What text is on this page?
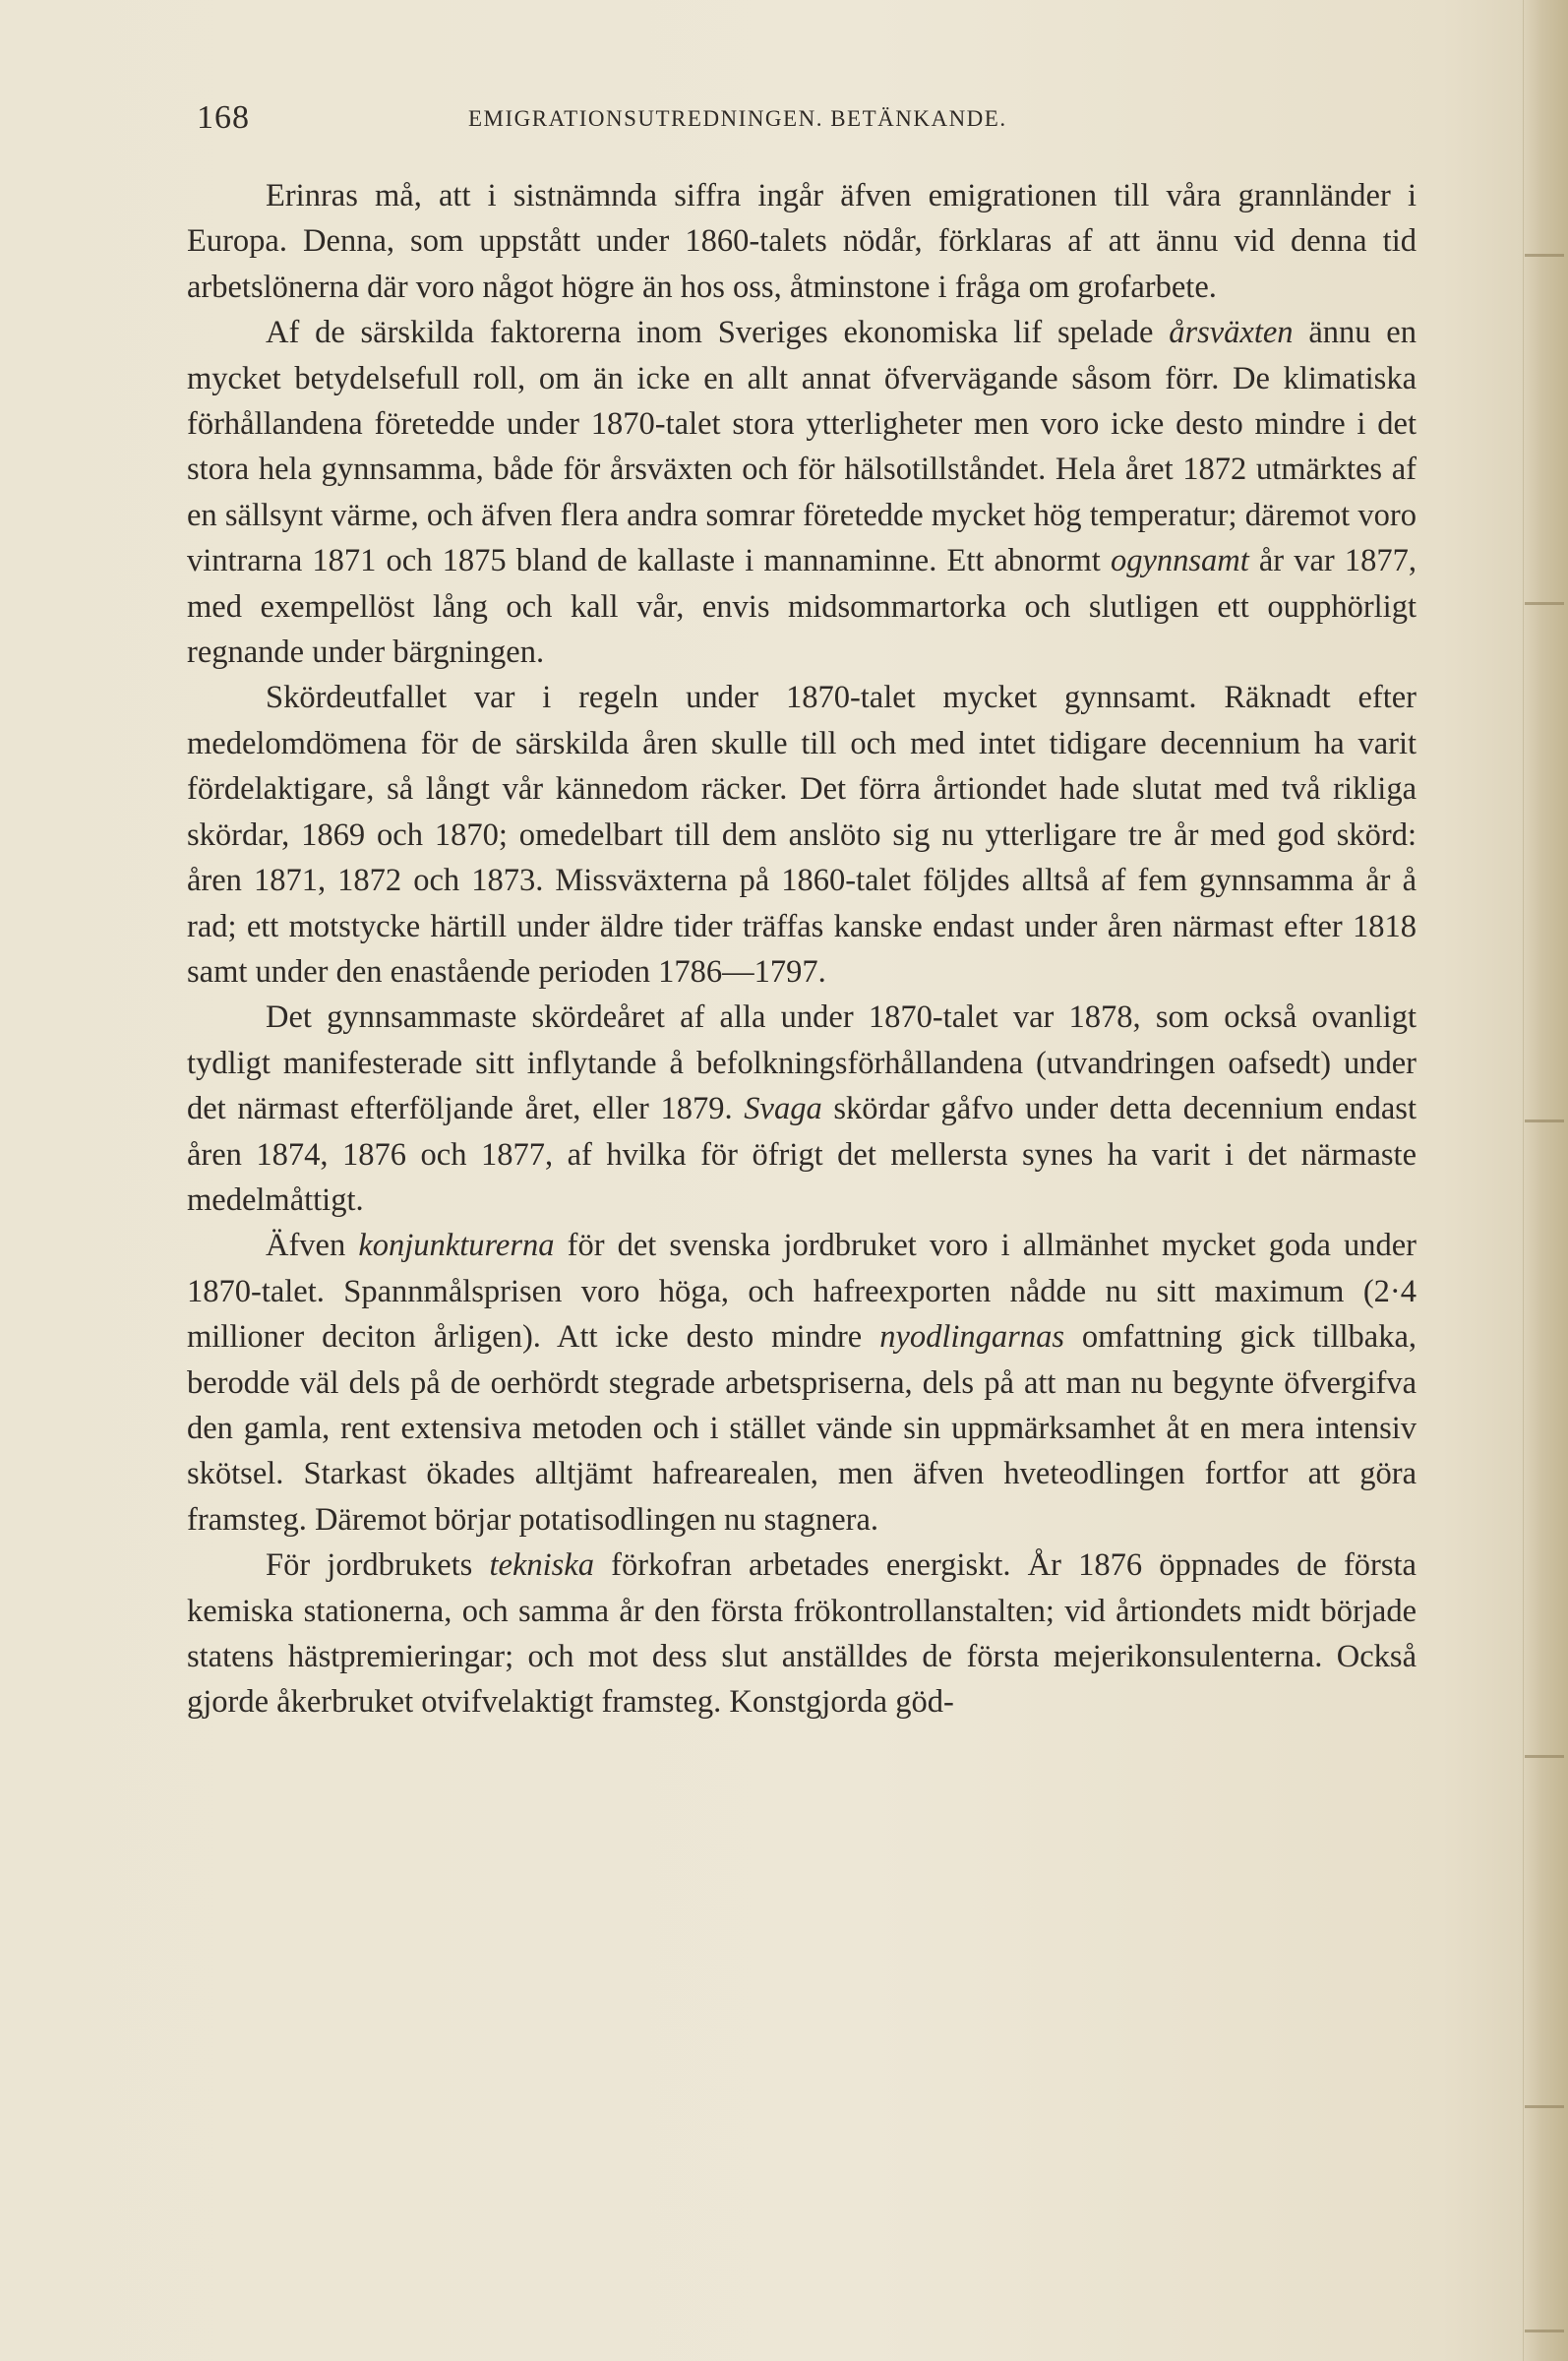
168	EMIGRATIONSUTREDNINGEN. BETÄNKANDE.

Erinras må, att i sistnämnda siffra ingår äfven emigrationen till våra grannländer i Europa. Denna, som uppstått under 1860-talets nödår, förklaras af att ännu vid denna tid arbetslönerna där voro något högre än hos oss, åtminstone i fråga om grofarbete.

Af de särskilda faktorerna inom Sveriges ekonomiska lif spelade årsväxten ännu en mycket betydelsefull roll, om än icke en allt annat öfvervägande såsom förr. De klimatiska förhållandena företedde under 1870-talet stora ytterligheter men voro icke desto mindre i det stora hela gynnsamma, både för årsväxten och för hälsotillståndet. Hela året 1872 utmärktes af en sällsynt värme, och äfven flera andra somrar företedde mycket hög temperatur; däremot voro vintrarna 1871 och 1875 bland de kallaste i mannaminne. Ett abnormt ogynnsamt år var 1877, med exempellöst lång och kall vår, envis midsommartorka och slutligen ett oupphörligt regnande under bärgningen.

Skördeutfallet var i regeln under 1870-talet mycket gynnsamt. Räknadt efter medelomdömena för de särskilda åren skulle till och med intet tidigare decennium ha varit fördelaktigare, så långt vår kännedom räcker. Det förra årtiondet hade slutat med två rikliga skördar, 1869 och 1870; omedelbart till dem anslöto sig nu ytterligare tre år med god skörd: åren 1871, 1872 och 1873. Missväxterna på 1860-talet följdes alltså af fem gynnsamma år å rad; ett motstycke härtill under äldre tider träffas kanske endast under åren närmast efter 1818 samt under den enastående perioden 1786—1797.

Det gynnsammaste skördeåret af alla under 1870-talet var 1878, som också ovanligt tydligt manifesterade sitt inflytande å befolkningsförhållandena (utvandringen oafsedt) under det närmast efterföljande året, eller 1879. Svaga skördar gåfvo under detta decennium endast åren 1874, 1876 och 1877, af hvilka för öfrigt det mellersta synes ha varit i det närmaste medelmåttigt.

Äfven konjunkturerna för det svenska jordbruket voro i allmänhet mycket goda under 1870-talet. Spannmålsprisen voro höga, och hafreexporten nådde nu sitt maximum (2·4 millioner deciton årligen). Att icke desto mindre nyodlingarnas omfattning gick tillbaka, berodde väl dels på de oerhördt stegrade arbetspriserna, dels på att man nu begynte öfvergifva den gamla, rent extensiva metoden och i stället vände sin uppmärksamhet åt en mera intensiv skötsel. Starkast ökades alltjämt hafrearealen, men äfven hveteodlingen fortfor att göra framsteg. Däremot börjar potatisodlingen nu stagnera.

För jordbrukets tekniska förkofran arbetades energiskt. År 1876 öppnades de första kemiska stationerna, och samma år den första frökontrollanstalten; vid årtiondets midt började statens hästpremieringar; och mot dess slut anställdes de första mejerikonsulenterna. Också gjorde åkerbruket otvifvelaktigt framsteg. Konstgjorda göd-
